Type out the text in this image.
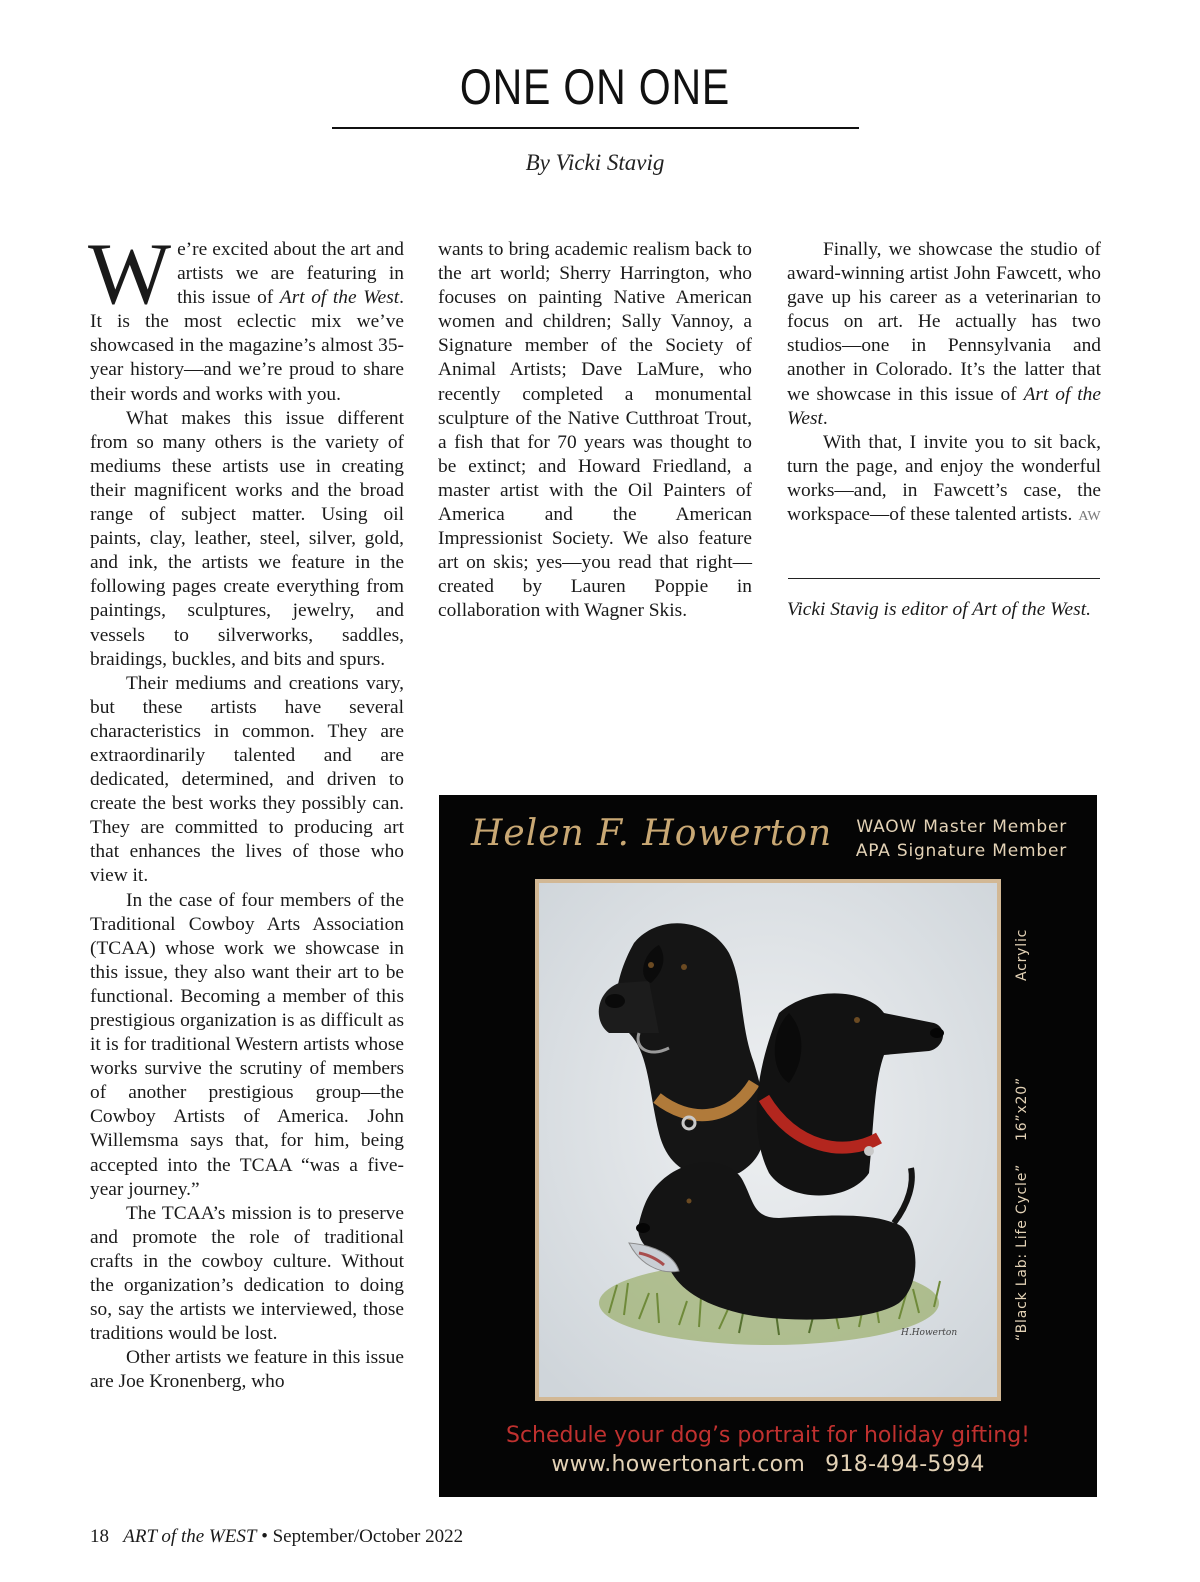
ONE ON ONE
By Vicki Stavig

We’re excited about the art and artists we are featuring in this issue of Art of the West. It is the most eclectic mix we’ve showcased in the magazine’s almost 35-year history—and we’re proud to share their words and works with you.

What makes this issue different from so many others is the variety of mediums these artists use in creating their magnificent works and the broad range of subject matter. Using oil paints, clay, leather, steel, silver, gold, and ink, the artists we feature in the following pages create everything from paintings, sculptures, jewelry, and vessels to silverworks, saddles, braidings, buckles, and bits and spurs.

Their mediums and creations vary, but these artists have several characteristics in common. They are extraordinarily talented and are dedicated, determined, and driven to create the best works they possibly can. They are committed to producing art that enhances the lives of those who view it.

In the case of four members of the Traditional Cowboy Arts Association (TCAA) whose work we showcase in this issue, they also want their art to be functional. Becoming a member of this prestigious organization is as difficult as it is for traditional Western artists whose works survive the scrutiny of members of another prestigious group—the Cowboy Artists of America. John Willemsma says that, for him, being accepted into the TCAA “was a five-year journey.”

The TCAA’s mission is to preserve and promote the role of traditional crafts in the cowboy culture. Without the organization’s dedication to doing so, say the artists we interviewed, those traditions would be lost.

Other artists we feature in this issue are Joe Kronenberg, who

wants to bring academic realism back to the art world; Sherry Harrington, who focuses on painting Native American women and children; Sally Vannoy, a Signature member of the Society of Animal Artists; Dave LaMure, who recently completed a monumental sculpture of the Native Cutthroat Trout, a fish that for 70 years was thought to be extinct; and Howard Friedland, a master artist with the Oil Painters of America and the American Impressionist Society. We also feature art on skis; yes—you read that right—created by Lauren Poppie in collaboration with Wagner Skis.

Finally, we showcase the studio of award-winning artist John Fawcett, who gave up his career as a veterinarian to focus on art. He actually has two studios—one in Pennsylvania and another in Colorado. It’s the latter that we showcase in this issue of Art of the West.

With that, I invite you to sit back, turn the page, and enjoy the wonderful works—and, in Fawcett’s case, the workspace—of these talented artists. AW

Vicki Stavig is editor of Art of the West.
Helen F. Howerton WAOW Master Member
APA Signature Member
H.Howerton	“Black Lab: Life Cycle”
16”x20”
Acrylic
Schedule your dog’s portrait for holiday gifting!
www.howertonart.com 918-494-5994
18 ART of the WEST • September/October 2022
